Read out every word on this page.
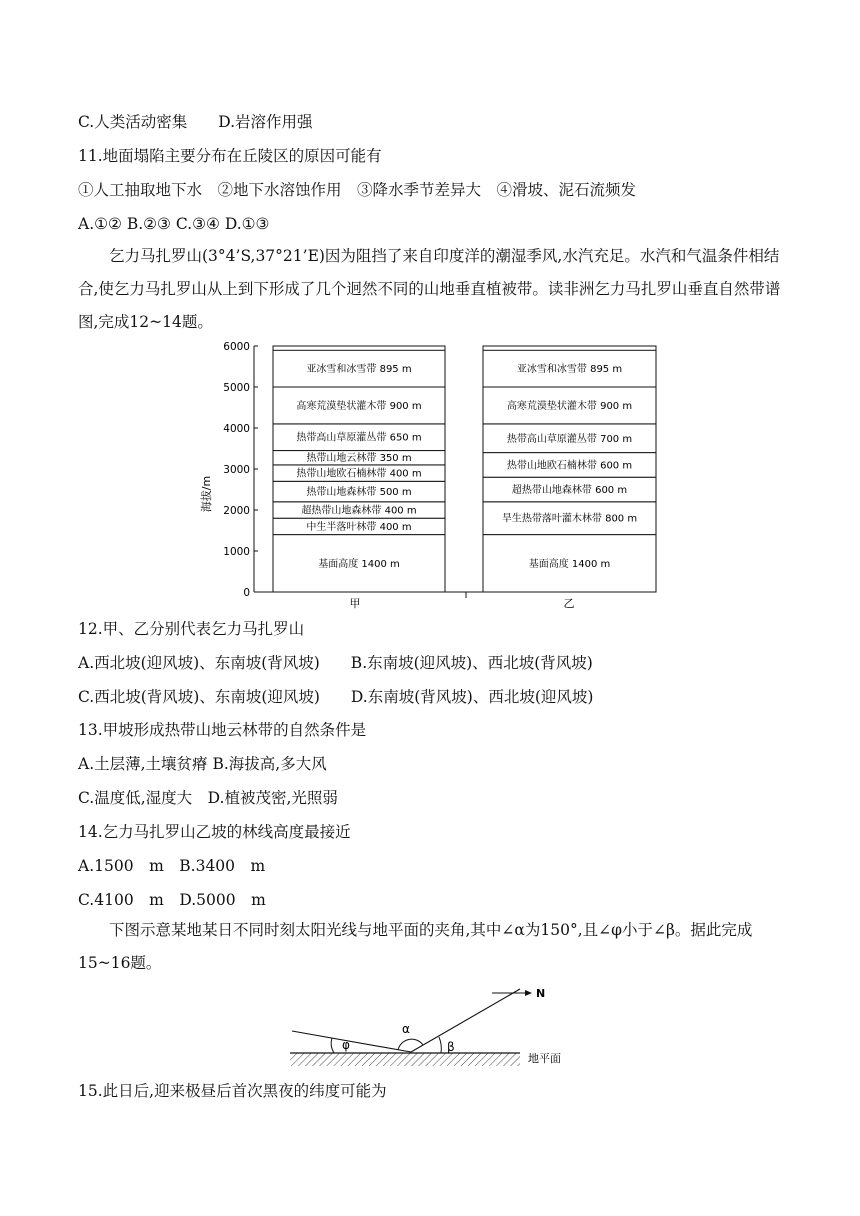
C.人类活动密集　　D.岩溶作用强
11.地面塌陷主要分布在丘陵区的原因可能有
①人工抽取地下水　②地下水溶蚀作用　③降水季节差异大　④滑坡、泥石流频发
A.①② B.②③ C.③④ D.①③
乞力马扎罗山(3°4’S,37°21’E)因为阻挡了来自印度洋的潮湿季风,水汽充足。水汽和气温条件相结合,使乞力马扎罗山从上到下形成了几个迥然不同的山地垂直植被带。读非洲乞力马扎罗山垂直自然带谱图,完成12~14题。
6000
5000
4000
3000
2000
1000
0
基面高度 1400 m
中生半落叶林带 400 m
超热带山地森林带 400 m
热带山地森林带 500 m
热带山地欧石楠林带 400 m
热带山地云林带 350 m
热带高山草原灌丛带 650 m
高寒荒漠垫状灌木带 900 m
亚冰雪和冰雪带 895 m
基面高度 1400 m
旱生热带落叶灌木林带 800 m
超热带山地森林带 600 m
热带山地欧石楠林带 600 m
热带高山草原灌丛带 700 m
高寒荒漠垫状灌木带 900 m
亚冰雪和冰雪带 895 m
海拔/m
甲	乙
12.甲、乙分别代表乞力马扎罗山
A.西北坡(迎风坡)、东南坡(背风坡)　　B.东南坡(迎风坡)、西北坡(背风坡)
C.西北坡(背风坡)、东南坡(迎风坡)　　D.东南坡(背风坡)、西北坡(迎风坡)
13.甲坡形成热带山地云林带的自然条件是
A.土层薄,土壤贫瘠 B.海拔高,多大风
C.温度低,湿度大　D.植被茂密,光照弱
14.乞力马扎罗山乙坡的林线高度最接近
A.1500　m　B.3400　m
C.4100　m　D.5000　m
下图示意某地某日不同时刻太阳光线与地平面的夹角,其中∠α为150°,且∠φ小于∠β。据此完成15~16题。
N
α
φ	β
地平面
15.此日后,迎来极昼后首次黑夜的纬度可能为
